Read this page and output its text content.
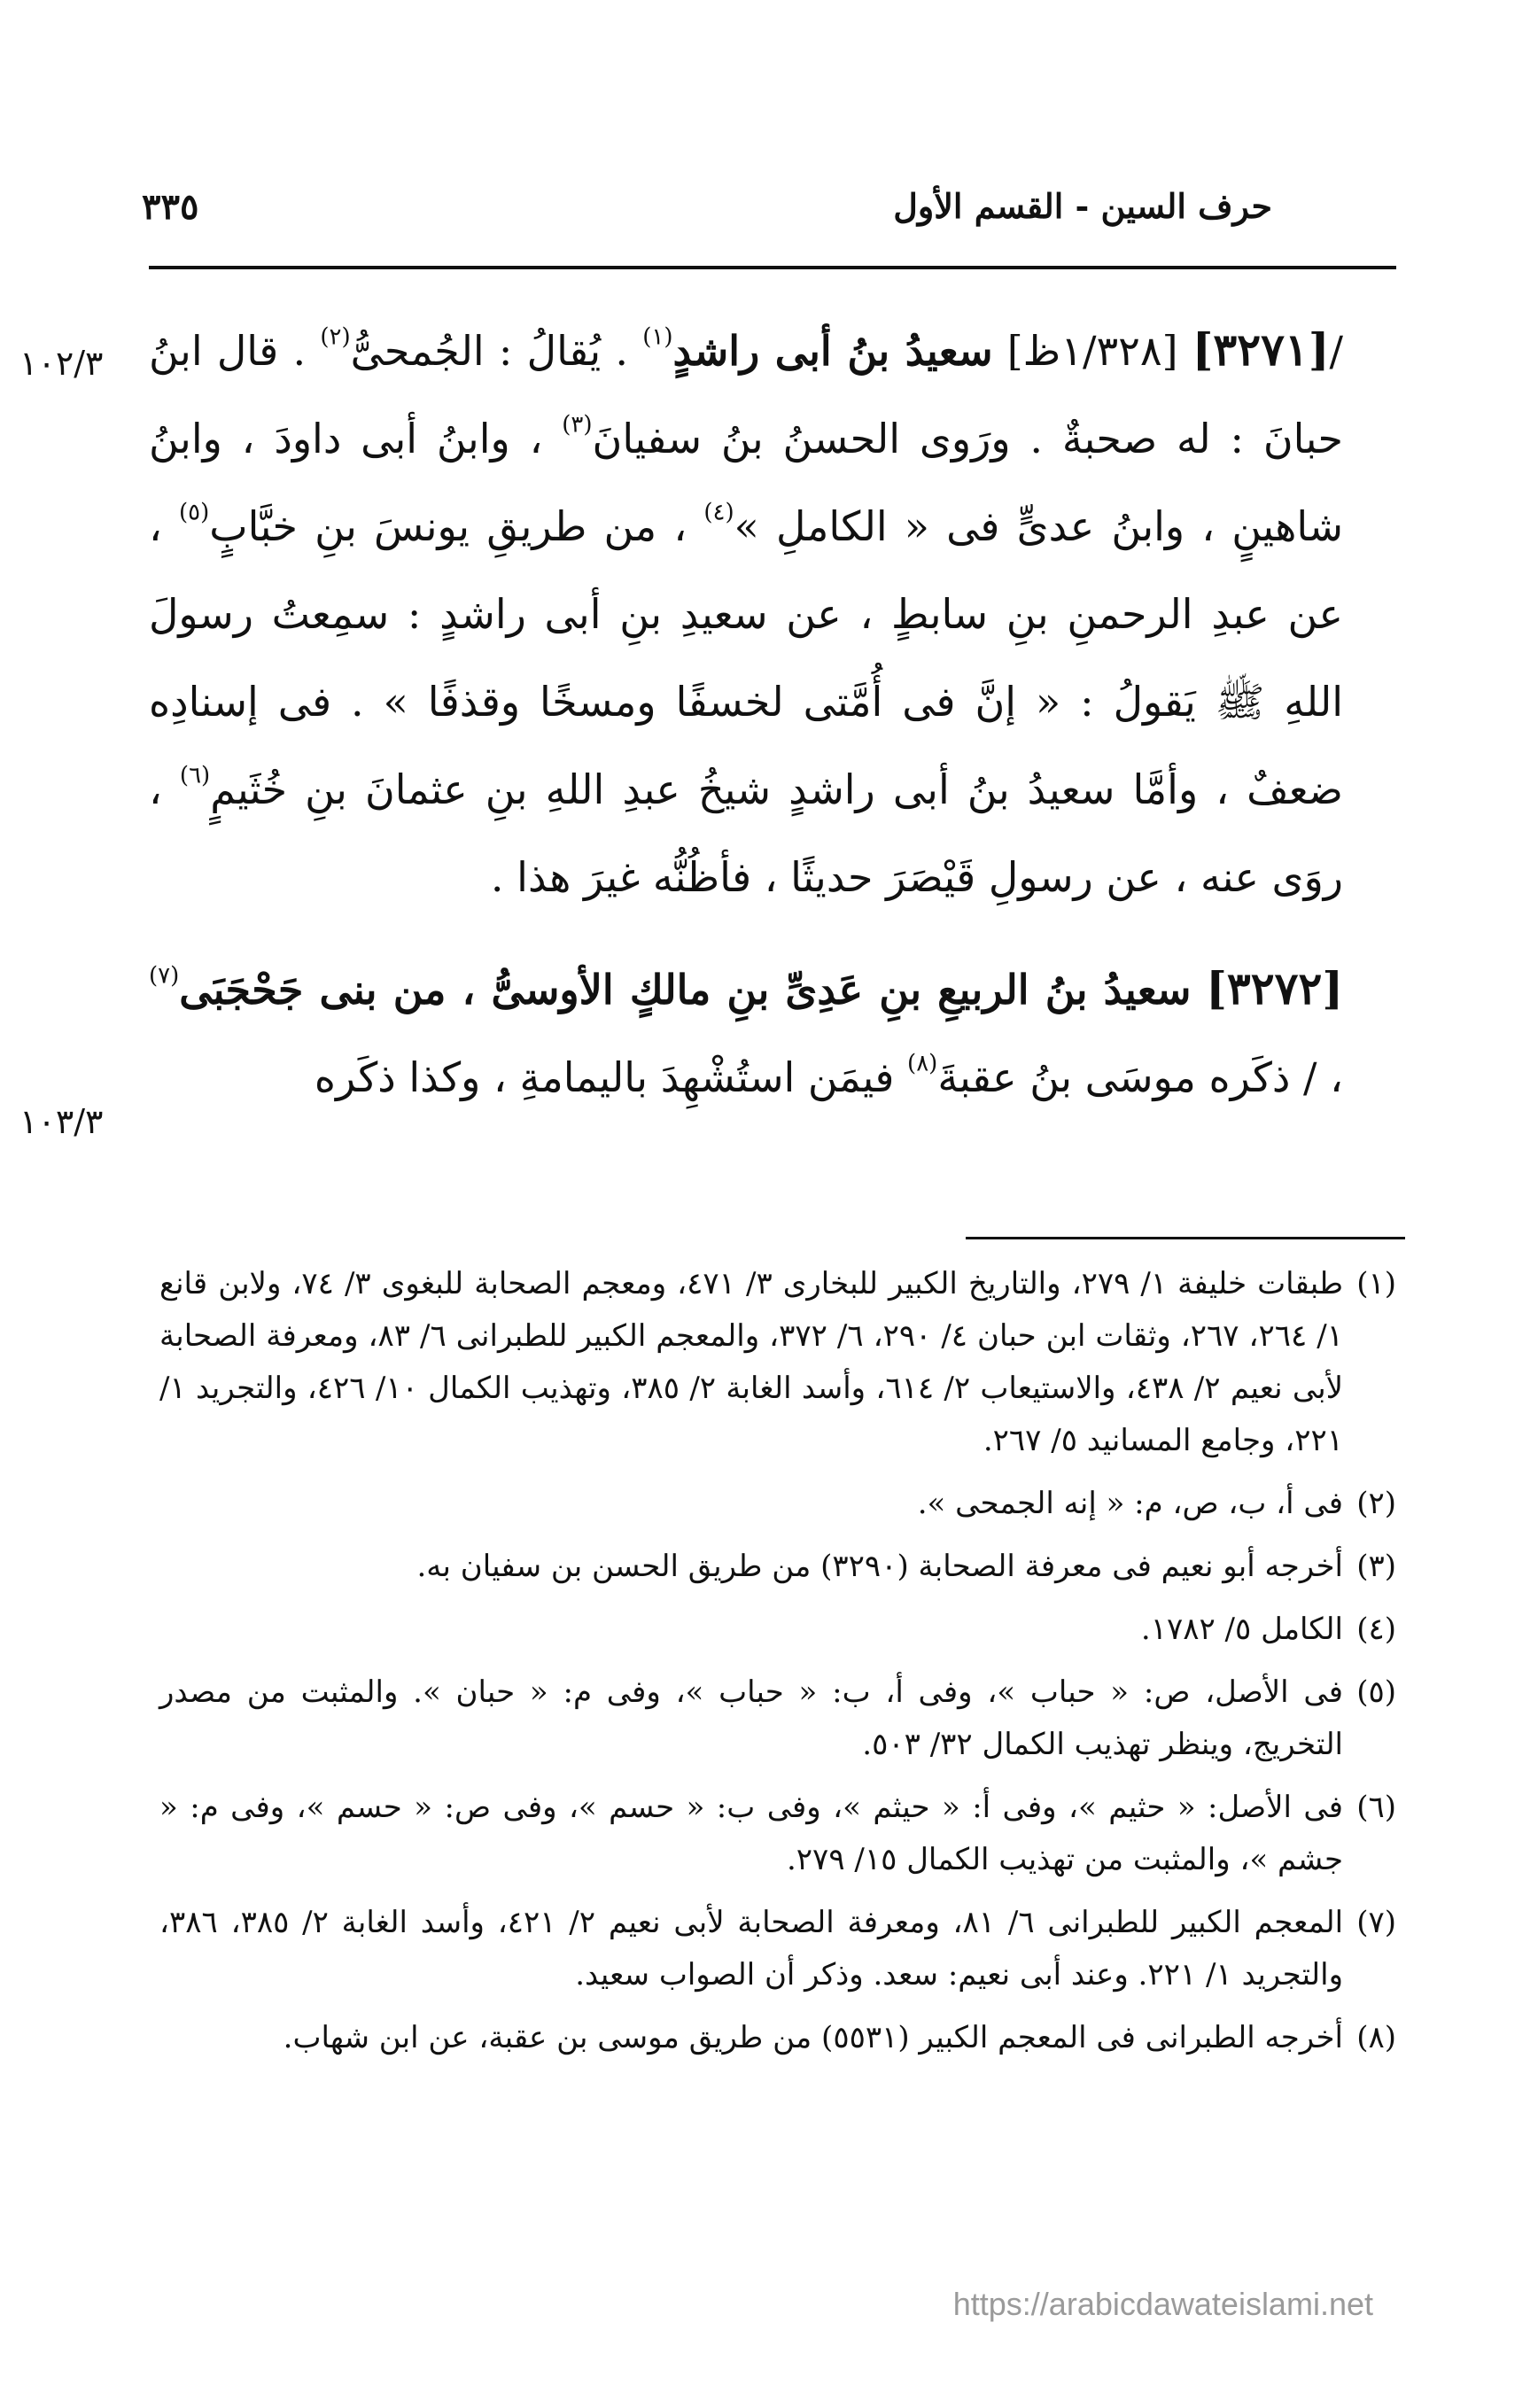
حرف السين - القسم الأول
٣٣٥
١٠٢/٣
١٠٣/٣

/[٣٢٧١] [١/٣٢٨ظ] سعيدُ بنُ أبى راشدٍ$^{(١)}$ . يُقالُ : الجُمحىُّ$^{(٢)}$ . قال ابنُ حبانَ : له صحبةٌ . ورَوى الحسنُ بنُ سفيانَ$^{(٣)}$ ، وابنُ أبى داودَ ، وابنُ شاهينٍ ، وابنُ عدىٍّ فى « الكاملِ »$^{(٤)}$ ، من طريقِ يونسَ بنِ خبَّابٍ$^{(٥)}$ ، عن عبدِ الرحمنِ بنِ سابطٍ ، عن سعيدِ بنِ أبى راشدٍ : سمِعتُ رسولَ اللهِ ﷺ يَقولُ : « إنَّ فى أُمَّتى لخسفًا ومسخًا وقذفًا » . فى إسنادِه ضعفٌ ، وأمَّا سعيدُ بنُ أبى راشدٍ شيخُ عبدِ اللهِ بنِ عثمانَ بنِ خُثَيمٍ$^{(٦)}$ ، روَى عنه ، عن رسولِ قَيْصَرَ حديثًا ، فأظُنُّه غيرَ هذا .

[٣٢٧٢] سعيدُ بنُ الربيعِ بنِ عَدِىِّ بنِ مالكٍ الأوسىُّ ، من بنى جَحْجَبَى$^{(٧)}$ ، / ذكَره موسَى بنُ عقبةَ$^{(٨)}$ فيمَن استُشْهِدَ باليمامةِ ، وكذا ذكَره

(١)طبقات خليفة ١/ ٢٧٩، والتاريخ الكبير للبخارى ٣/ ٤٧١، ومعجم الصحابة للبغوى ٣/ ٧٤، ولابن قانع ١/ ٢٦٤، ٢٦٧، وثقات ابن حبان ٤/ ٢٩٠، ٦/ ٣٧٢، والمعجم الكبير للطبرانى ٦/ ٨٣، ومعرفة الصحابة لأبى نعيم ٢/ ٤٣٨، والاستيعاب ٢/ ٦١٤، وأسد الغابة ٢/ ٣٨٥، وتهذيب الكمال ١٠/ ٤٢٦، والتجريد ١/ ٢٢١، وجامع المسانيد ٥/ ٢٦٧.

(٢)فى أ، ب، ص، م: « إنه الجمحى ».

(٣)أخرجه أبو نعيم فى معرفة الصحابة (٣٢٩٠) من طريق الحسن بن سفيان به.

(٤)الكامل ٥/ ١٧٨٢.

(٥)فى الأصل، ص: « حباب »، وفى أ، ب: « حباب »، وفى م: « حبان ». والمثبت من مصدر التخريج، وينظر تهذيب الكمال ٣٢/ ٥٠٣.

(٦)فى الأصل: « حثيم »، وفى أ: « حيثم »، وفى ب: « حسم »، وفى ص: « حسم »، وفى م: « جشم »، والمثبت من تهذيب الكمال ١٥/ ٢٧٩.

(٧)المعجم الكبير للطبرانى ٦/ ٨١، ومعرفة الصحابة لأبى نعيم ٢/ ٤٢١، وأسد الغابة ٢/ ٣٨٥، ٣٨٦، والتجريد ١/ ٢٢١. وعند أبى نعيم: سعد. وذكر أن الصواب سعيد.

(٨)أخرجه الطبرانى فى المعجم الكبير (٥٥٣١) من طريق موسى بن عقبة، عن ابن شهاب.

https://arabicdawateislami.net
